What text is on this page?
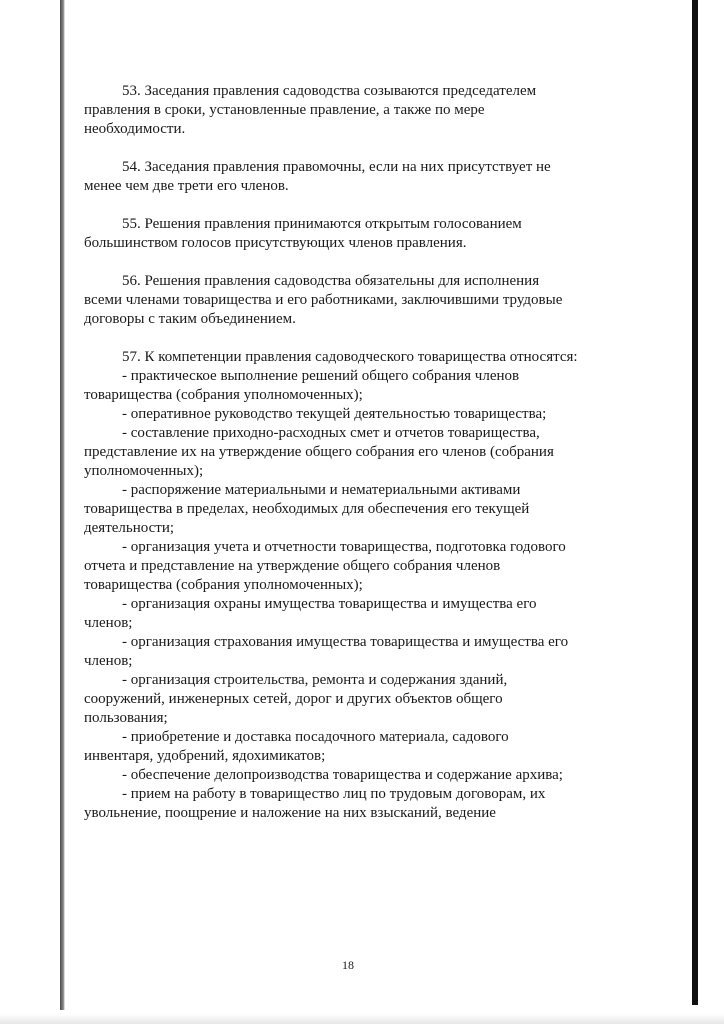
53. Заседания правления садоводства созываются председателем правления в сроки, установленные правление, а также по мере необходимости.

54. Заседания правления правомочны, если на них присутствует не менее чем две трети его членов.

55. Решения правления принимаются открытым голосованием большинством голосов присутствующих членов правления.

56. Решения правления садоводства обязательны для исполнения всеми членами товарищества и его работниками, заключившими трудовые договоры с таким объединением.

57. К компетенции правления садоводческого товарищества относятся:

- практическое выполнение решений общего собрания членов товарищества (собрания уполномоченных);
- оперативное руководство текущей деятельностью товарищества;
- составление приходно-расходных смет и отчетов товарищества, представление их на утверждение общего собрания его членов (собрания уполномоченных);
- распоряжение материальными и нематериальными активами товарищества в пределах, необходимых для обеспечения его текущей деятельности;
- организация учета и отчетности товарищества, подготовка годового отчета и представление на утверждение общего собрания членов товарищества (собрания уполномоченных);
- организация охраны имущества товарищества и имущества его членов;
- организация страхования имущества товарищества и имущества его членов;
- организация строительства, ремонта и содержания зданий, сооружений, инженерных сетей, дорог и других объектов общего пользования;
- приобретение и доставка посадочного материала, садового инвентаря, удобрений, ядохимикатов;
- обеспечение делопроизводства товарищества и содержание архива;
- прием на работу в товарищество лиц по трудовым договорам, их увольнение, поощрение и наложение на них взысканий, ведение
18
